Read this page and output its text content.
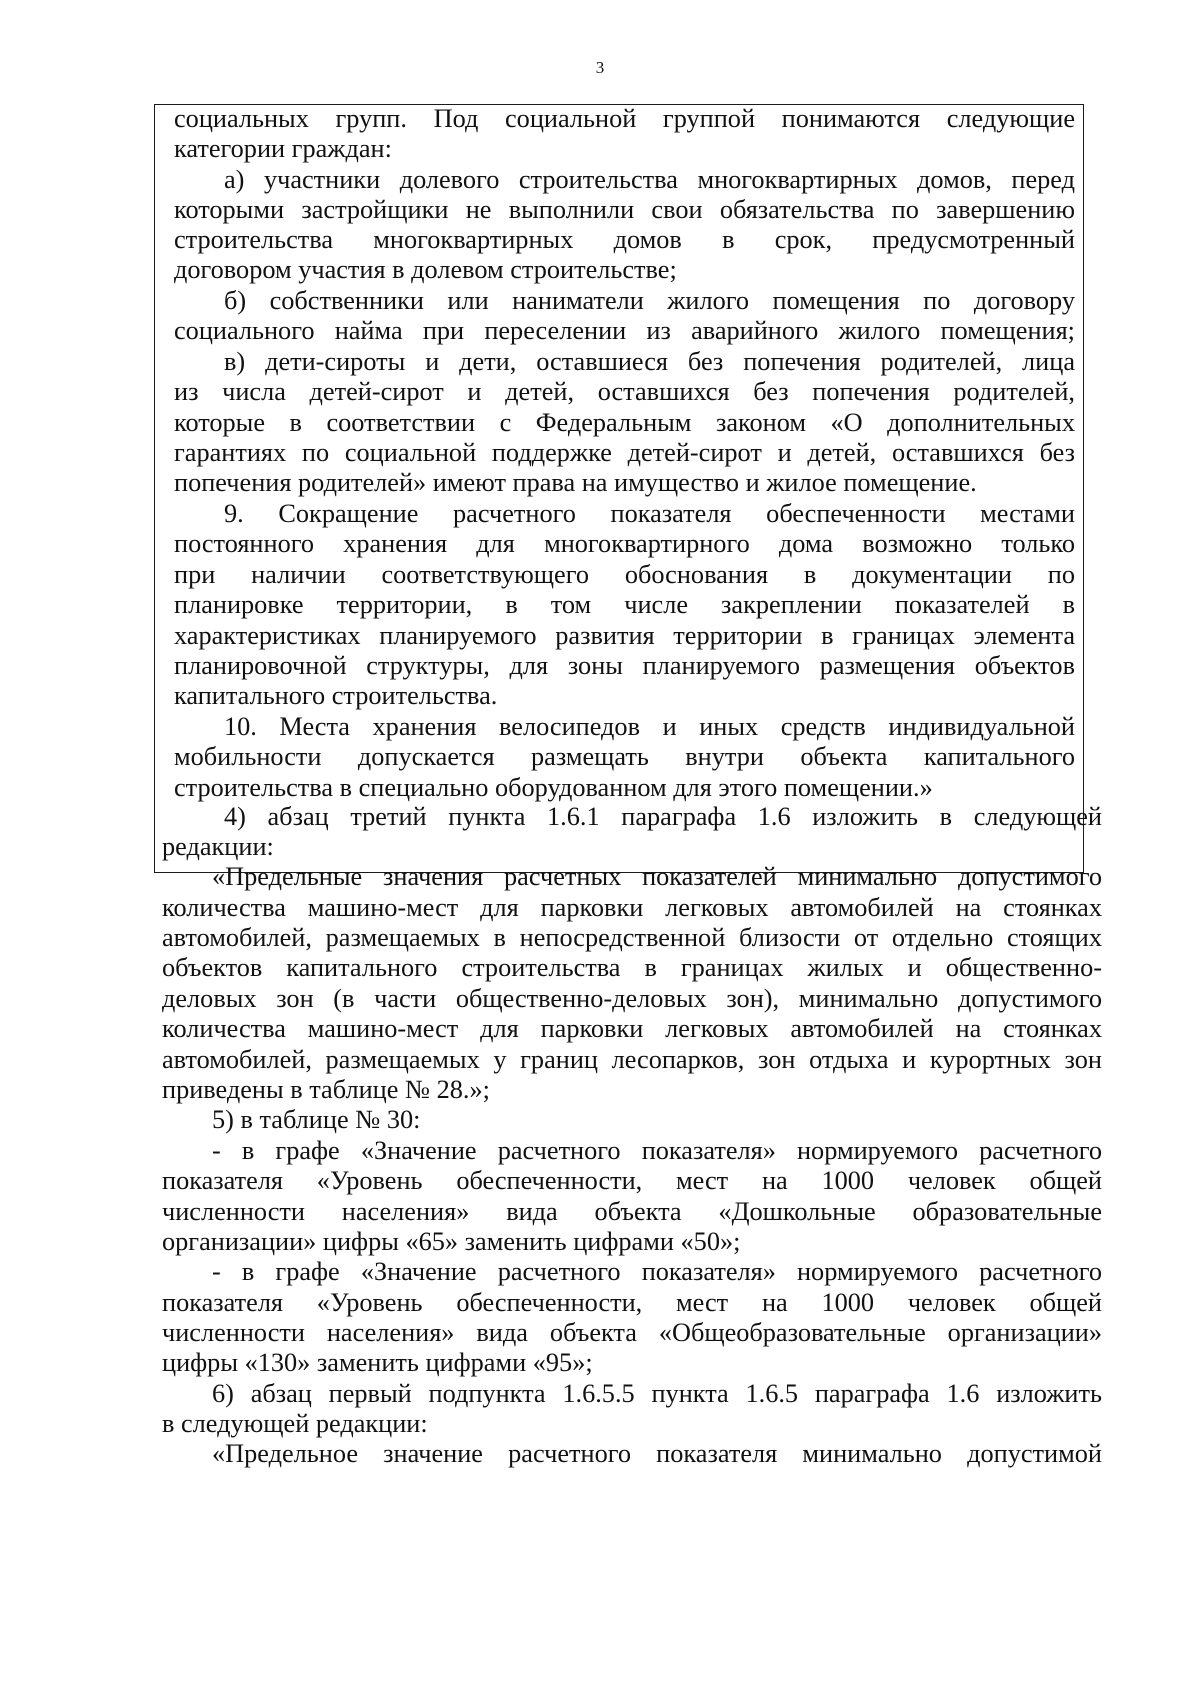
3
социальных групп. Под социальной группой понимаются следующие
категории граждан:
а) участники долевого строительства многоквартирных домов, перед
которыми застройщики не выполнили свои обязательства по завершению
строительства многоквартирных домов в срок, предусмотренный
договором участия в долевом строительстве;
б) собственники или наниматели жилого помещения по договору
социального найма при переселении из аварийного жилого помещения;
в) дети-сироты и дети, оставшиеся без попечения родителей, лица
из числа детей-сирот и детей, оставшихся без попечения родителей,
которые в соответствии с Федеральным законом «О дополнительных
гарантиях по социальной поддержке детей-сирот и детей, оставшихся без
попечения родителей» имеют права на имущество и жилое помещение.
9. Сокращение расчетного показателя обеспеченности местами
постоянного хранения для многоквартирного дома возможно только
при наличии соответствующего обоснования в документации по
планировке территории, в том числе закреплении показателей в
характеристиках планируемого развития территории в границах элемента
планировочной структуры, для зоны планируемого размещения объектов
капитального строительства.
10. Места хранения велосипедов и иных средств индивидуальной
мобильности допускается размещать внутри объекта капитального
строительства в специально оборудованном для этого помещении.»
4) абзац третий пункта 1.6.1 параграфа 1.6 изложить в следующей
редакции:
«Предельные значения расчетных показателей минимально допустимого
количества машино-мест для парковки легковых автомобилей на стоянках
автомобилей, размещаемых в непосредственной близости от отдельно стоящих
объектов капитального строительства в границах жилых и общественно-
деловых зон (в части общественно-деловых зон), минимально допустимого
количества машино-мест для парковки легковых автомобилей на стоянках
автомобилей, размещаемых у границ лесопарков, зон отдыха и курортных зон
приведены в таблице № 28.»;
5) в таблице № 30:
- в графе «Значение расчетного показателя» нормируемого расчетного
показателя «Уровень обеспеченности, мест на 1000 человек общей
численности населения» вида объекта «Дошкольные образовательные
организации» цифры «65» заменить цифрами «50»;
- в графе «Значение расчетного показателя» нормируемого расчетного
показателя «Уровень обеспеченности, мест на 1000 человек общей
численности населения» вида объекта «Общеобразовательные организации»
цифры «130» заменить цифрами «95»;
6) абзац первый подпункта 1.6.5.5 пункта 1.6.5 параграфа 1.6 изложить
в следующей редакции:
«Предельное значение расчетного показателя минимально допустимой
